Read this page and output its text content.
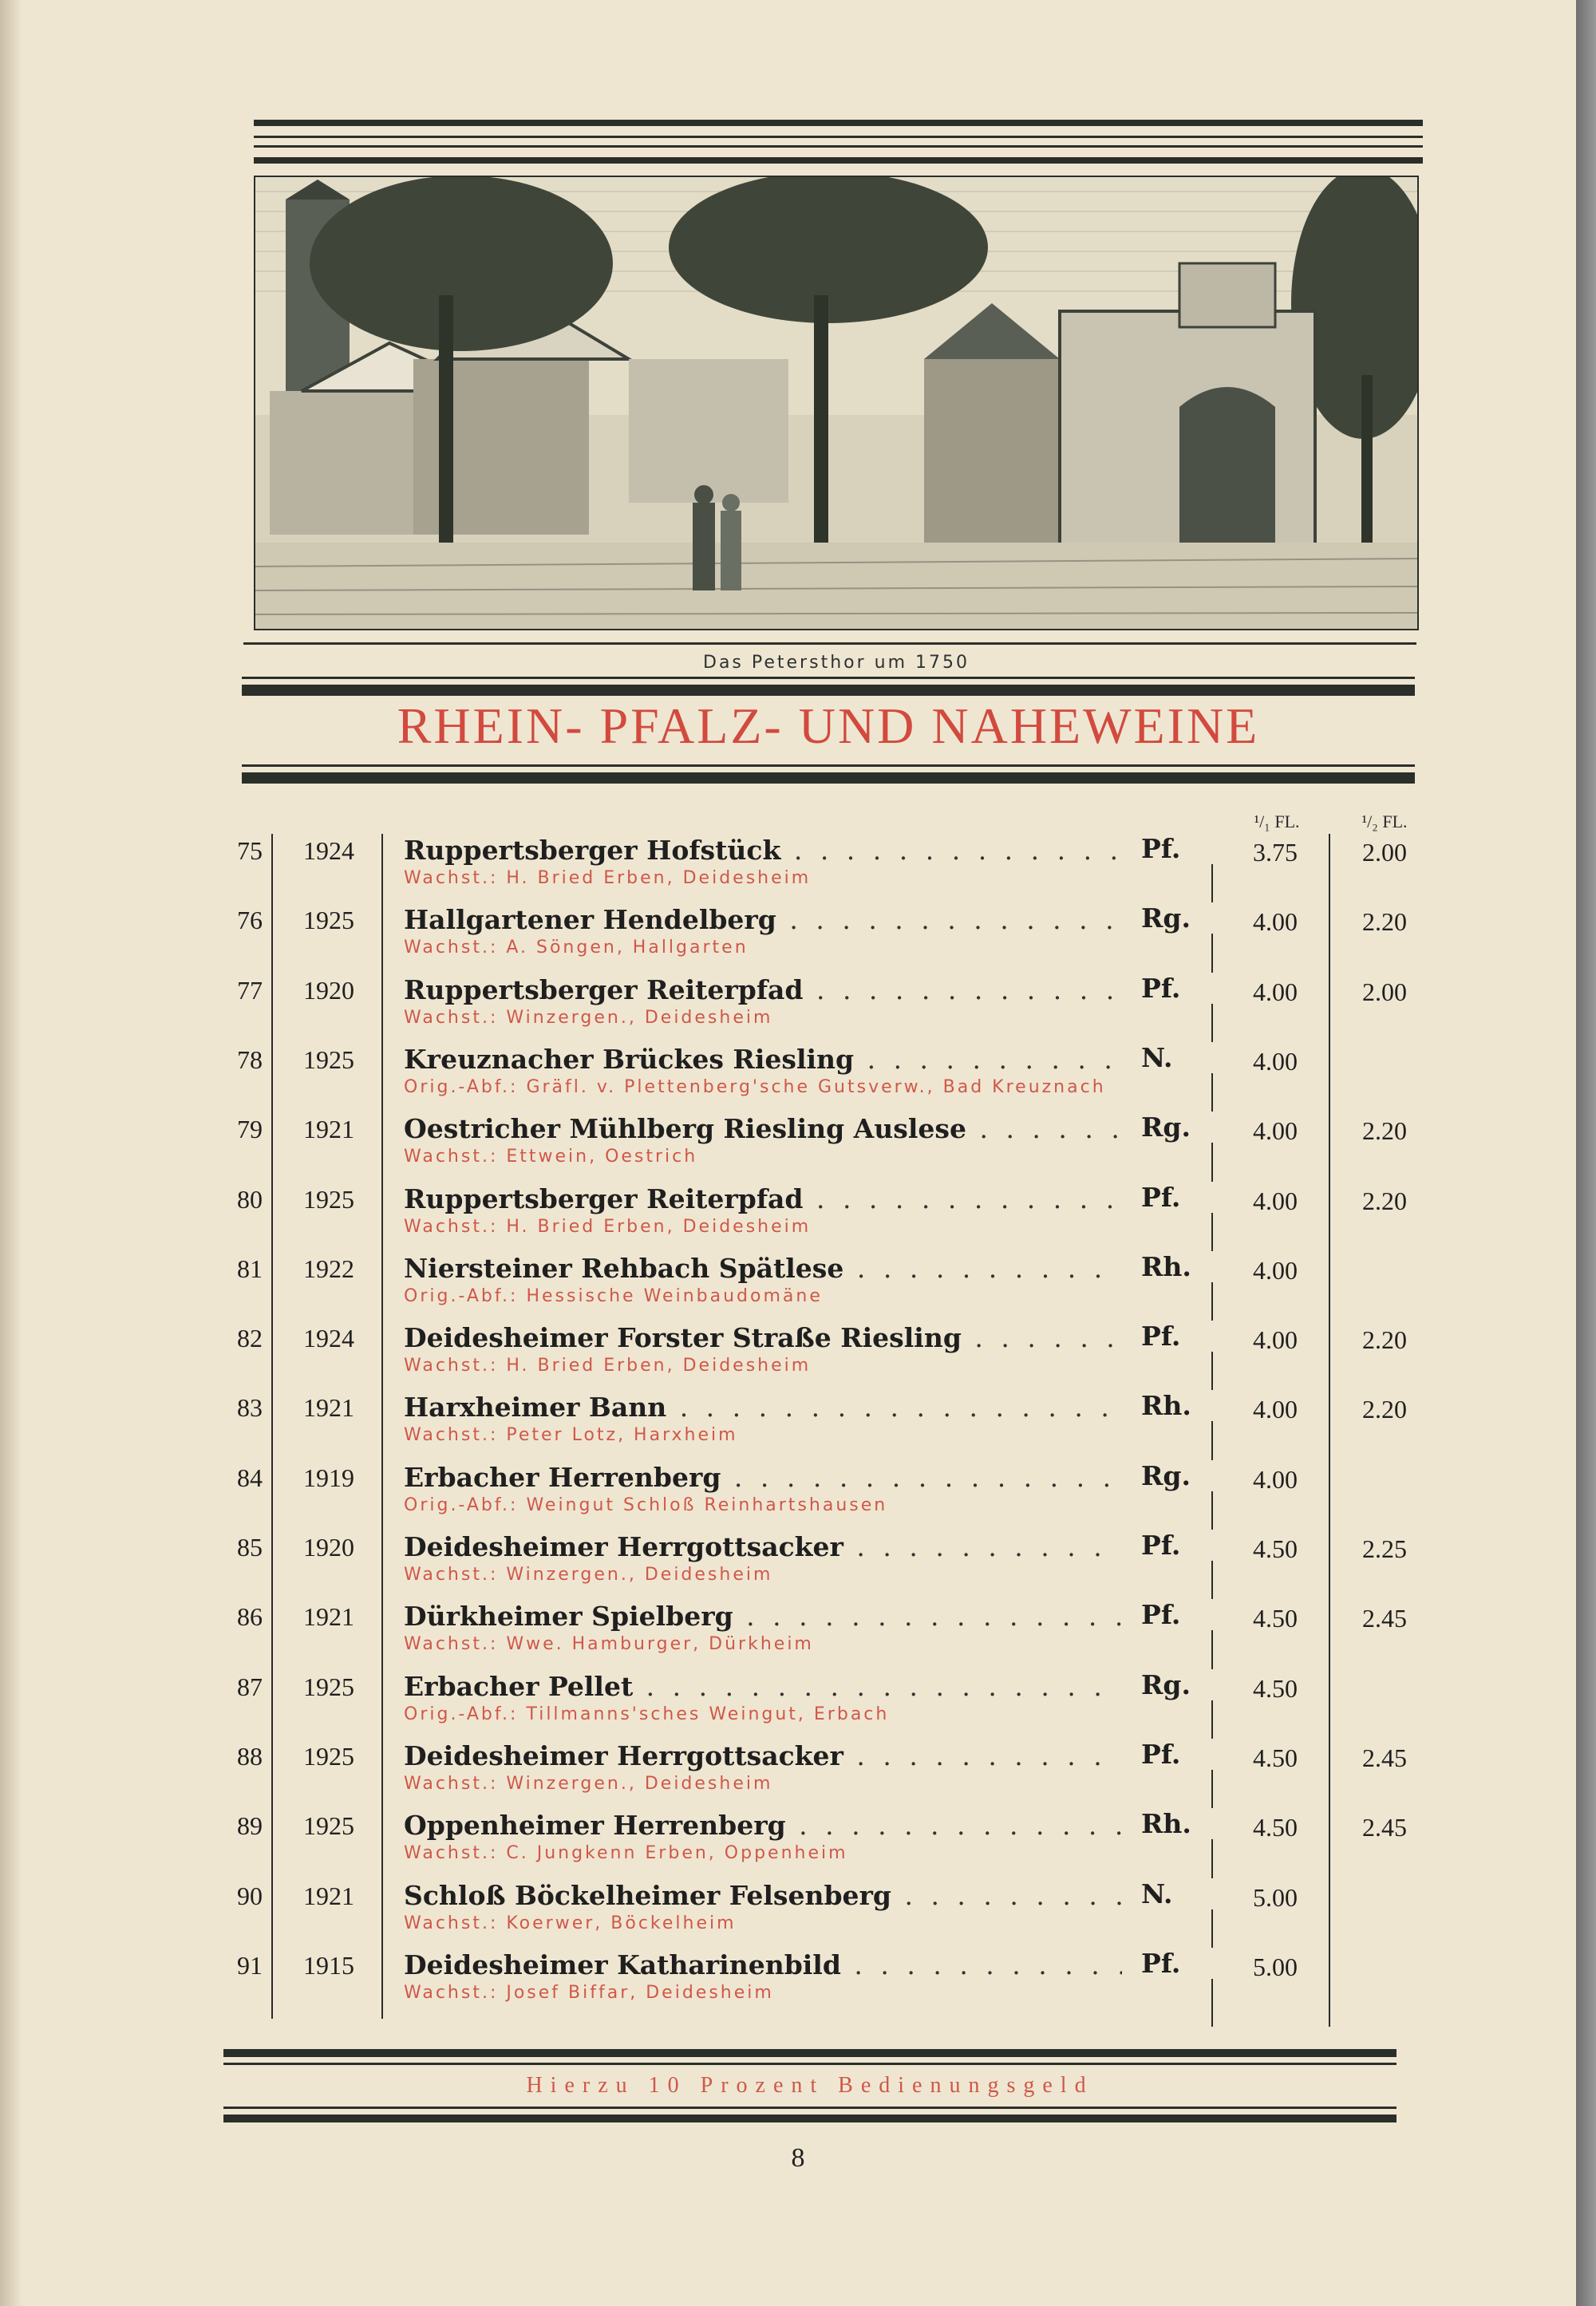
Das Petersthor um 1750
RHEIN- PFALZ- UND NAHEWEINE
¹/₁ FL.	¹/₂ FL.
75	1924	Ruppertsberger Hofstück . . .
Wachst.: H. Bried Erben, Deidesheim
Pf.	3.75	2.00
76	1925	Hallgartener Hendelberg . . .
Wachst.: A. Söngen, Hallgarten
Rg.	4.00	2.20
77	1920	Ruppertsberger Reiterpfad . . .
Wachst.: Winzergen., Deidesheim
Pf.	4.00	2.00
78	1925	Kreuznacher Brückes Riesling . . .
Orig.-Abf.: Gräfl. v. Plettenberg'sche Gutsverw., Bad Kreuznach
N.	4.00
79	1921	Oestricher Mühlberg Riesling Auslese . . .
Wachst.: Ettwein, Oestrich
Rg.	4.00	2.20
80	1925	Ruppertsberger Reiterpfad . . .
Wachst.: H. Bried Erben, Deidesheim
Pf.	4.00	2.20
81	1922	Niersteiner Rehbach Spätlese . . .
Orig.-Abf.: Hessische Weinbaudomäne
Rh.	4.00
82	1924	Deidesheimer Forster Straße Riesling . . .
Wachst.: H. Bried Erben, Deidesheim
Pf.	4.00	2.20
83	1921	Harxheimer Bann . . .
Wachst.: Peter Lotz, Harxheim
Rh.	4.00	2.20
84	1919	Erbacher Herrenberg . . .
Orig.-Abf.: Weingut Schloß Reinhartshausen
Rg.	4.00
85	1920	Deidesheimer Herrgottsacker . . .
Wachst.: Winzergen., Deidesheim
Pf.	4.50	2.25
86	1921	Dürkheimer Spielberg . . .
Wachst.: Wwe. Hamburger, Dürkheim
Pf.	4.50	2.45
87	1925	Erbacher Pellet . . .
Orig.-Abf.: Tillmanns'sches Weingut, Erbach
Rg.	4.50
88	1925	Deidesheimer Herrgottsacker . . .
Wachst.: Winzergen., Deidesheim
Pf.	4.50	2.45
89	1925	Oppenheimer Herrenberg . . .
Wachst.: C. Jungkenn Erben, Oppenheim
Rh.	4.50	2.45
90	1921	Schloß Böckelheimer Felsenberg . . .
Wachst.: Koerwer, Böckelheim
N.	5.00
91	1915	Deidesheimer Katharinenbild . . .
Wachst.: Josef Biffar, Deidesheim
Pf.	5.00
Hierzu 10 Prozent Bedienungsgeld
8
